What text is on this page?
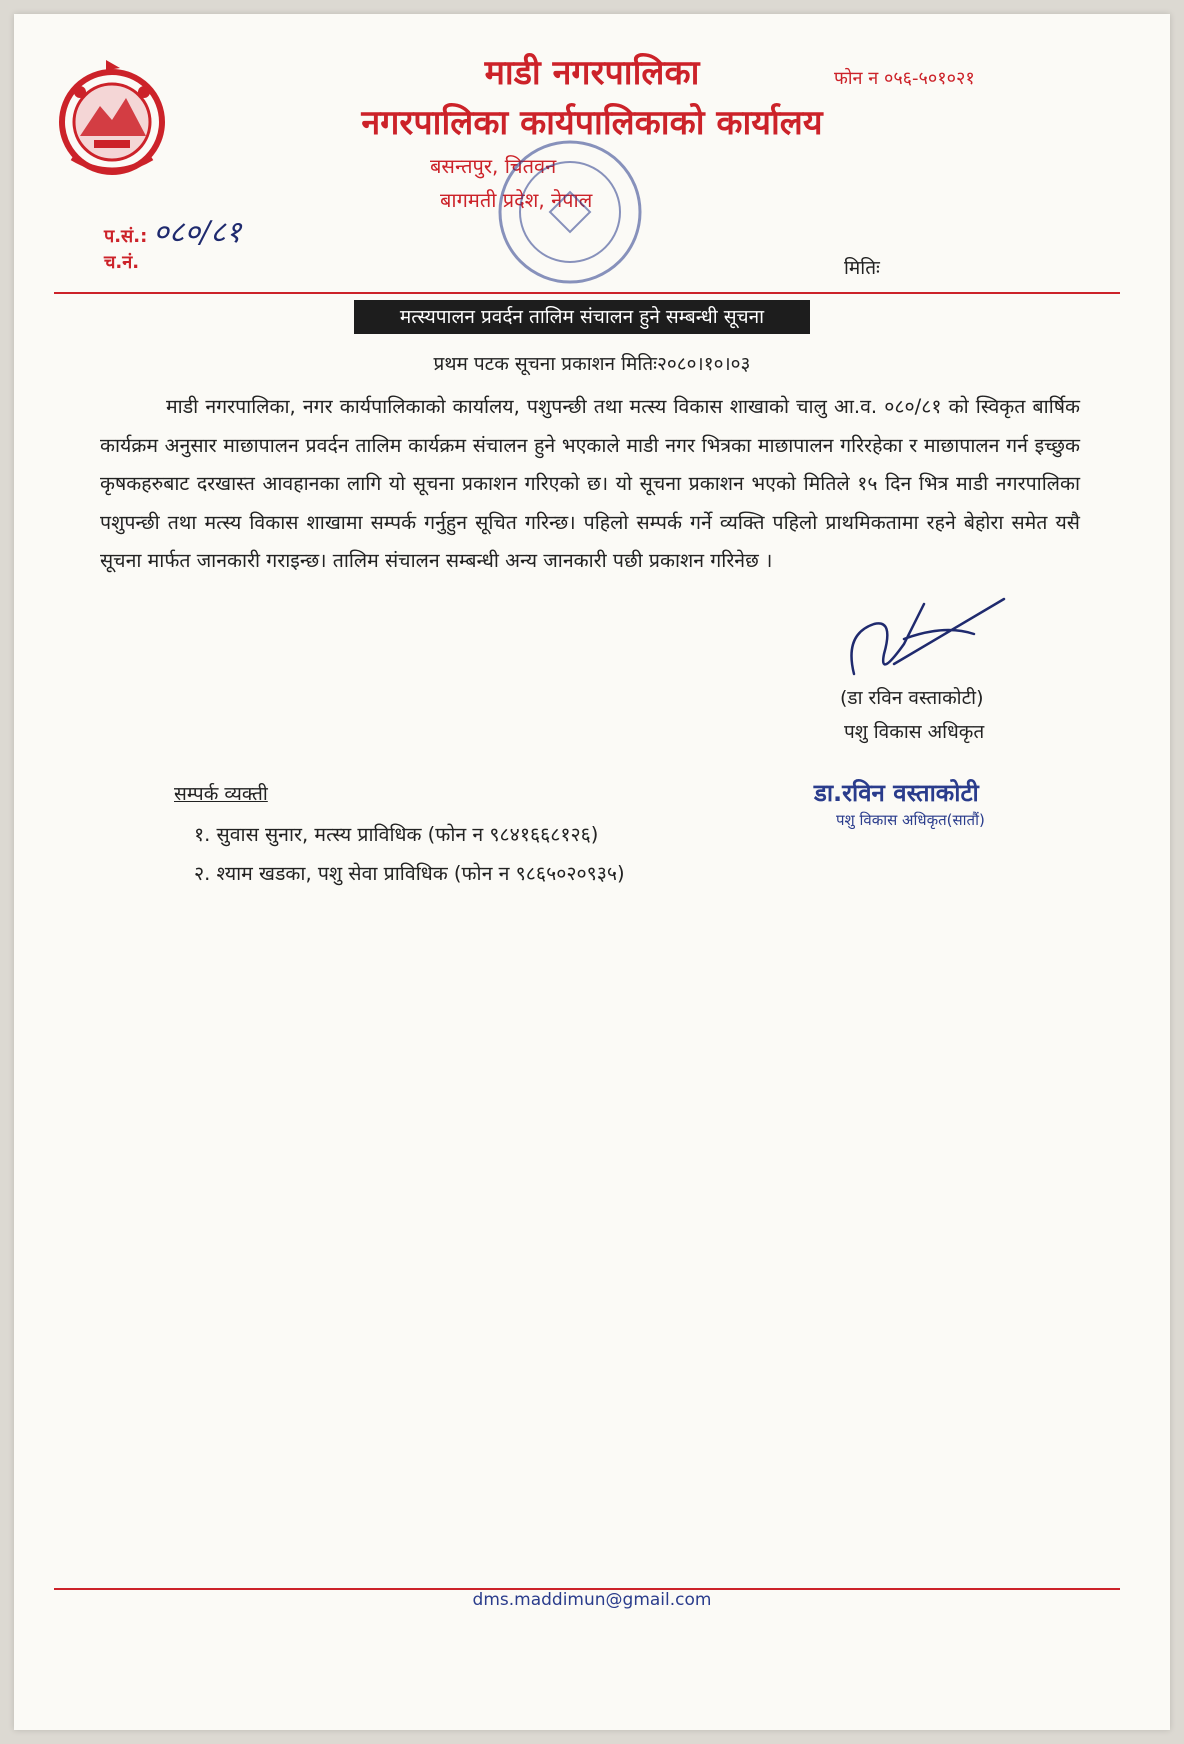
माडी नगरपालिका
नगरपालिका कार्यपालिकाको कार्यालय
बसन्तपुर, चितवन
बागमती प्रदेश, नेपाल
फोन न ०५६-५०१०२१
प.सं.: ०८०/८१
च.नं.	मितिः
मत्स्यपालन प्रवर्दन तालिम संचालन हुने सम्बन्धी सूचना
प्रथम पटक सूचना प्रकाशन मितिः२०८०।१०।०३
माडी नगरपालिका, नगर कार्यपालिकाको कार्यालय, पशुपन्छी तथा मत्स्य विकास शाखाको चालु आ.व. ०८०/८१ को स्विकृत बार्षिक कार्यक्रम अनुसार माछापालन प्रवर्दन तालिम कार्यक्रम संचालन हुने भएकाले माडी नगर भित्रका माछापालन गरिरहेका र माछापालन गर्न इच्छुक कृषकहरुबाट दरखास्त आवहानका लागि यो सूचना प्रकाशन गरिएको छ। यो सूचना प्रकाशन भएको मितिले १५ दिन भित्र माडी नगरपालिका पशुपन्छी तथा मत्स्य विकास शाखामा सम्पर्क गर्नुहुन सूचित गरिन्छ। पहिलो सम्पर्क गर्ने व्यक्ति पहिलो प्राथमिकतामा रहने बेहोरा समेत यसै सूचना मार्फत जानकारी गराइन्छ। तालिम संचालन सम्बन्धी अन्य जानकारी पछी प्रकाशन गरिनेछ ।
(डा रविन वस्ताकोटी)
पशु विकास अधिकृत
डा.रविन वस्ताकोटी
पशु विकास अधिकृत(सातौं)
सम्पर्क व्यक्ती
१. सुवास सुनार, मत्स्य प्राविधिक (फोन न ९८४१६६८१२६)
२. श्याम खडका, पशु सेवा प्राविधिक (फोन न ९८६५०२०९३५)
dms.maddimun@gmail.com
